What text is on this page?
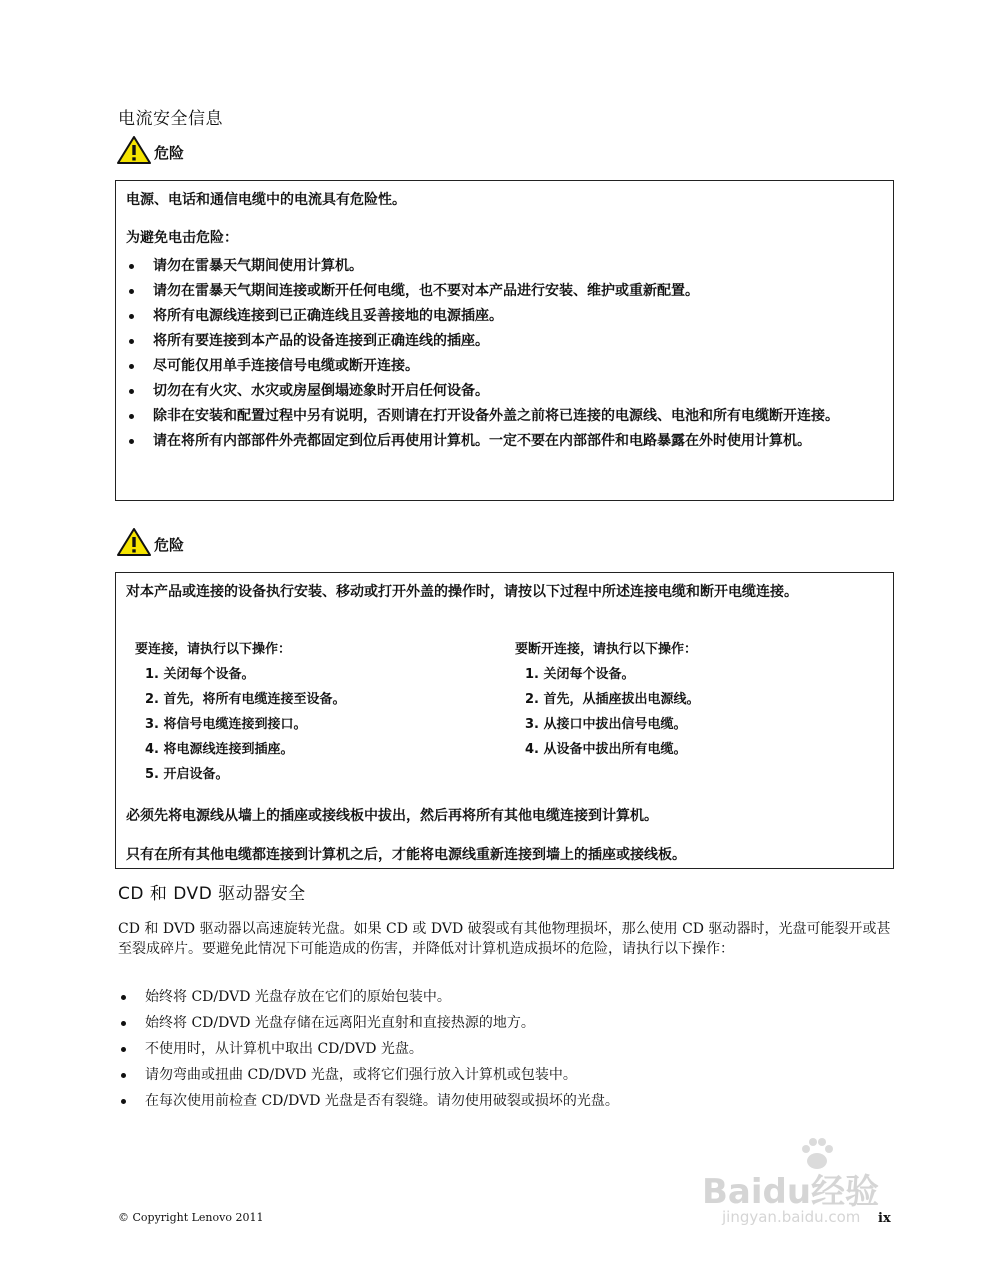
电流安全信息
危险

电源、电话和通信电缆中的电流具有危险性。

为避免电击危险：

请勿在雷暴天气期间使用计算机。
请勿在雷暴天气期间连接或断开任何电缆，也不要对本产品进行安装、维护或重新配置。
将所有电源线连接到已正确连线且妥善接地的电源插座。
将所有要连接到本产品的设备连接到正确连线的插座。
尽可能仅用单手连接信号电缆或断开连接。
切勿在有火灾、水灾或房屋倒塌迹象时开启任何设备。
除非在安装和配置过程中另有说明，否则请在打开设备外盖之前将已连接的电源线、电池和所有电缆断开连接。
请在将所有内部部件外壳都固定到位后再使用计算机。一定不要在内部部件和电路暴露在外时使用计算机。
危险

对本产品或连接的设备执行安装、移动或打开外盖的操作时，请按以下过程中所述连接电缆和断开电缆连接。

要连接，请执行以下操作：
1. 关闭每个设备。
2. 首先，将所有电缆连接至设备。
3. 将信号电缆连接到接口。
4. 将电源线连接到插座。
5. 开启设备。
要断开连接，请执行以下操作：
1. 关闭每个设备。
2. 首先，从插座拔出电源线。
3. 从接口中拔出信号电缆。
4. 从设备中拔出所有电缆。

必须先将电源线从墙上的插座或接线板中拔出，然后再将所有其他电缆连接到计算机。

只有在所有其他电缆都连接到计算机之后，才能将电源线重新连接到墙上的插座或接线板。

CD 和 DVD 驱动器安全

CD 和 DVD 驱动器以高速旋转光盘。如果 CD 或 DVD 破裂或有其他物理损坏，那么使用 CD 驱动器时，光盘可能裂开或甚至裂成碎片。要避免此情况下可能造成的伤害，并降低对计算机造成损坏的危险，请执行以下操作：

始终将 CD/DVD 光盘存放在它们的原始包装中。
始终将 CD/DVD 光盘存储在远离阳光直射和直接热源的地方。
不使用时，从计算机中取出 CD/DVD 光盘。
请勿弯曲或扭曲 CD/DVD 光盘，或将它们强行放入计算机或包装中。
在每次使用前检查 CD/DVD 光盘是否有裂缝。请勿使用破裂或损坏的光盘。
© Copyright Lenovo 2011	ix
Baidu经验
jingyan.baidu.com
